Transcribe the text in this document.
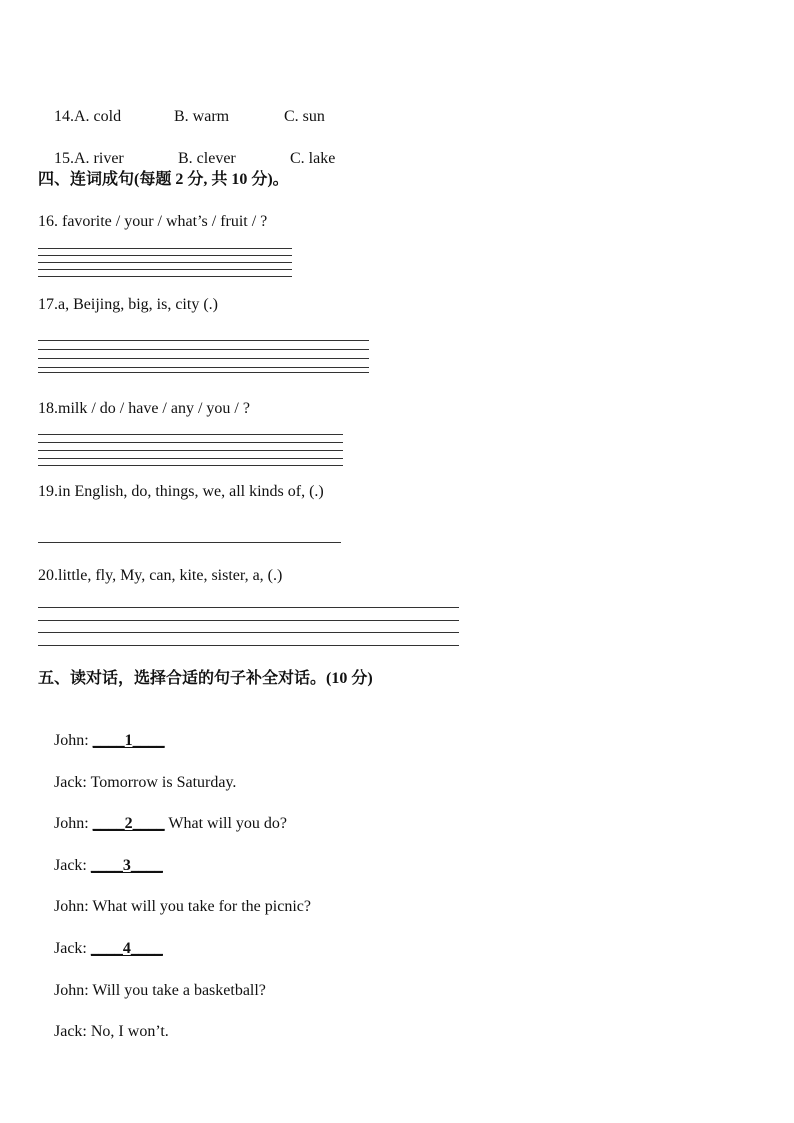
14.A. cold	B. warm	C. sun

15.A. river	B. clever	C. lake

四、连词成句(每题 2 分, 共 10 分)。
16. favorite / your / what’s / fruit / ?
17.a, Beijing, big, is, city (.)
18.milk / do / have / any / you / ?
19.in English, do, things, we, all kinds of, (.)
20.little, fly, My, can, kite, sister, a, (.)
五、读对话，选择合适的句子补全对话。(10 分)

John: ____1____

Jack: Tomorrow is Saturday.

John: ____2____ What will you do?

Jack: ____3____

John: What will you take for the picnic?

Jack: ____4____

John: Will you take a basketball?

Jack: No, I won’t.
